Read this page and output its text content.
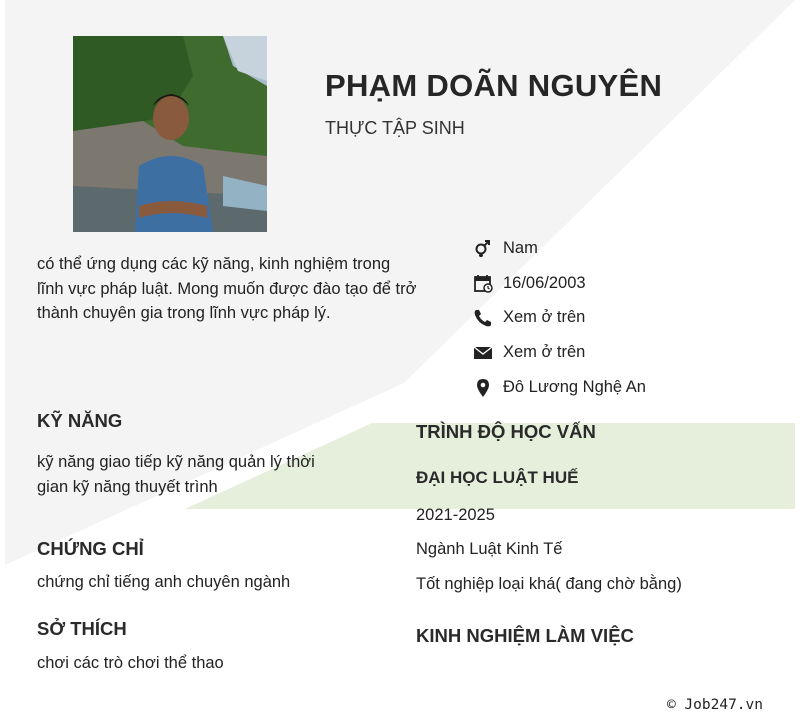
PHẠM DOÃN NGUYÊN
THỰC TẬP SINH
có thể ứng dụng các kỹ năng, kinh nghiệm trong lĩnh vực pháp luật. Mong muốn được đào tạo để trở thành chuyên gia trong lĩnh vực pháp lý.
Nam
16/06/2003
Xem ở trên
Xem ở trên
Đô Lương Nghệ An
KỸ NĂNG
kỹ năng giao tiếp kỹ năng quản lý thời gian kỹ năng thuyết trình
CHỨNG CHỈ
chứng chỉ tiếng anh chuyên ngành
SỞ THÍCH
chơi các trò chơi thể thao
TRÌNH ĐỘ HỌC VẤN
ĐẠI HỌC LUẬT HUẾ
2021-2025
Ngành Luật Kinh Tế
Tốt nghiệp loại khá( đang chờ bằng)
KINH NGHIỆM LÀM VIỆC
© Job247.vn
